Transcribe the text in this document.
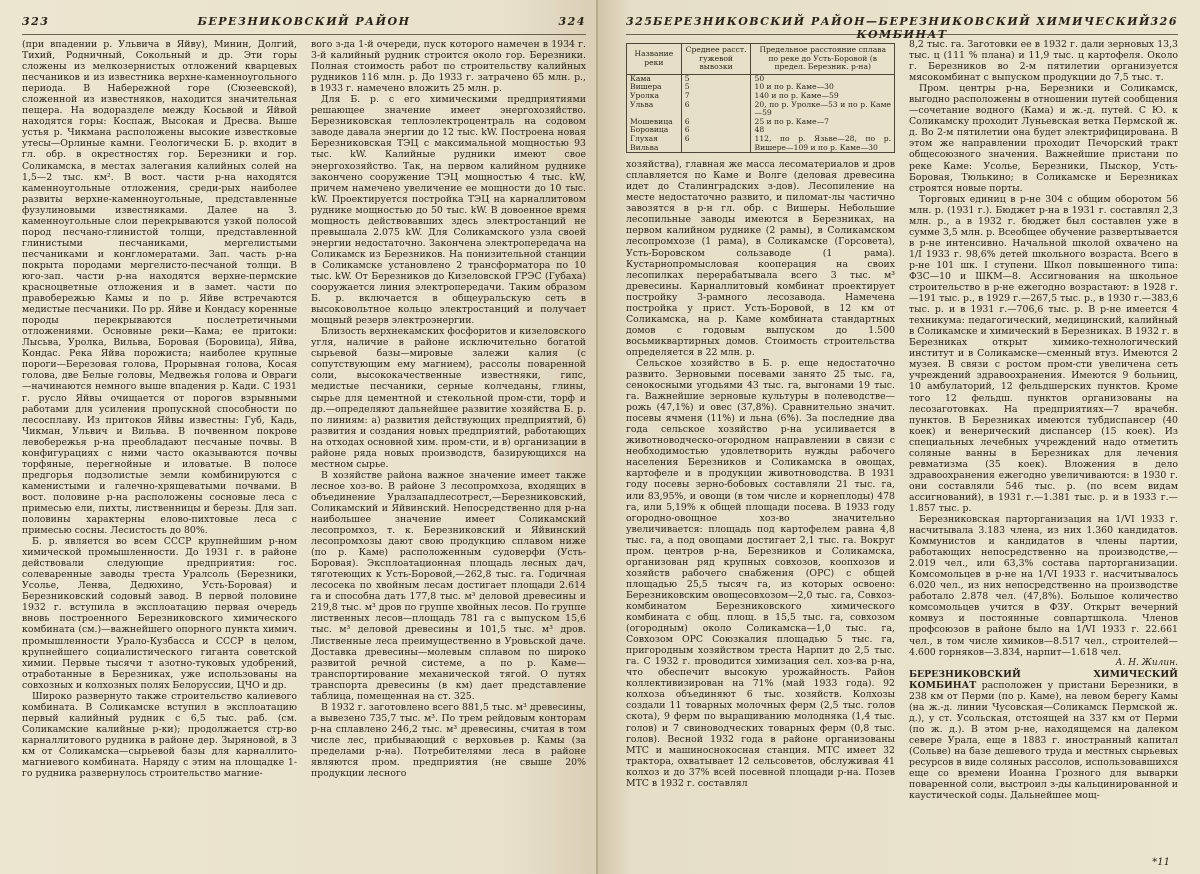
323	БЕРЕЗНИКОВСКИЙ РАЙОН	324

(при впадении р. Ульвича в Яйву), Минин, Долгий, Тихий, Родничный, Сокольный и др. Эти горы сложены из мелкозернистых отложений кварцевых песчаников и из известника верхне-каменноугольного периода. В Набережной горе (Сюзеевской), сложенной из известняков, находится значительная пещера. На водоразделе между Косьвой и Яйвой находятся горы: Коспаж, Высокая и Дресва. Выше устья р. Чикмана расположены высокие известковые утесы—Орлиные камни. Геологически Б. р. входит в гл. обр. в окрестностях гор. Березники и гор. Соликамска, в местах залегания калийных солей на 1,5—2 тыс. км². В вост. части р-на находятся каменноугольные отложения, среди-рых наиболее развиты верхне-каменноугольные, представленные фузулиновыми известняками. Далее на З. каменноугольные слои перекрываются узкой полосой пород песчано-глинистой толщи, представленной глинистыми песчаниками, мергелистыми песчаниками и конгломератами. Зап. часть р-на покрыта породами мергелисто-песчаной толщи. В юго-зап. части р-на находятся верхне-пермские красноцветные отложения и в замет. части по правобережью Камы и по р. Яйве встречаются медистые песчаники. По рр. Яйве и Кондасу коренные породы перекрываются послетретичными отложениями. Основные реки—Кама; ее притоки: Лысьва, Уролка, Вильва, Боровая (Боровица), Яйва, Кондас. Река Яйва порожиста; наиболее крупные пороги—Березовая голова, Прорывная голова, Косая голова, две Белые головы, Медвежья голова и Овраги—начинаются немного выше впадения р. Кади. С 1931 г. русло Яйвы очищается от порогов взрывными работами для усиления пропускной способности по лесосплаву. Из притоков Яйвы известны: Губ, Кадь, Чикман, Ульвич и Вильва. В почвенном покрове левобережья р-на преобладают песчаные почвы. В конфигурациях с ними часто оказываются почвы торфяные, перегнойные и иловатые. В полосе предгорья подзолистые земли комбинируются с каменистыми и галечно-хрящеватыми почвами. В вост. половине р-на расположены сосновые леса с примесью ели, пихты, лиственницы и березы. Для зап. половины характерны елово-пихтовые леса с примесью сосны. Лесистость до 80%.

Б. р. является во всем СССР крупнейшим р-ном химической промышленности. До 1931 г. в районе действовали следующие предприятия: гос. солеваренные заводы треста Уралсоль (Березники, Усолье, Ленва, Дедюхино, Усть-Боровая) и Березниковский содовый завод. В первой половине 1932 г. вступила в эксплоатацию первая очередь вновь построенного Березниковского химического комбината (см.)—важнейшего опорного пункта химич. промышленности Урало-Кузбасса и СССР в целом, крупнейшего социалистического гиганта советской химии. Первые тысячи т азотно-туковых удобрений, отработанные в Березниках, уже использованы на совхозных и колхозных полях Белоруссии, ЦЧО и др.

Широко развернуто также строительство калиевого комбината. В Соликамске вступил в эксплоатацию первый калийный рудник с 6,5 тыс. раб. (см. Соликамские калийные р-ки); продолжается стр-во карналлитового рудника в районе дер. Зыряновой, в 3 км от Соликамска—сырьевой базы для карналлито-магниевого комбината. Наряду с этим на площадке 1-го рудника развернулось строительство магние-

вого з-да 1-й очереди, пуск которого намечен в 1934 г. 3-й калийный рудник строится около гор. Березники. Полная стоимость работ по строительству калийных рудников 116 млн. р. До 1933 г. затрачено 65 млн. р., в 1933 г. намечено вложить 25 млн. р.

Для Б. р. с его химическими предприятиями решающее значение имеет энергохозяйство. Березниковская теплоэлектроцентраль на содовом заводе давала энергии до 12 тыс. kW. Построена новая Березниковская ТЭЦ с максимальной мощностью 93 тыс. kW. Калийные рудники имеют свое энергохозяйство. Так, на первом калийном руднике закончено сооружение ТЭЦ мощностью 4 тыс. kW, причем намечено увеличение ее мощности до 10 тыс. kW. Проектируется постройка ТЭЦ на карналлитовом руднике мощностью до 50 тыс. kW. В довоенное время мощность действовавших здесь электростанций не превышала 2.075 kW. Для Соликамского узла своей энергии недостаточно. Закончена электропередача на Соликамск из Березников. На понизительной станции в Соликамске установлено 2 трансформатора по 10 тыс. kW. От Березников до Кизеловской ГРЭС (Губаха) сооружается линия электропередачи. Таким образом Б. р. включается в общеуральскую сеть в высоковольтное кольцо электростанций и получает мощный резерв электроэнергии.

Близость верхнекамских фосфоритов и кизеловского угля, наличие в районе исключительно богатой сырьевой базы—мировые залежи калия (с сопутствующим ему магнием), рассолы поваренной соли, высококачественные известняки, гипс, медистые песчаники, серные колчеданы, глины, сырье для цементной и стекольной пром-сти, торф и др.—определяют дальнейшее развитие хозяйства Б. р. по линиям: а) развития действующих предприятий, б) развития и создания новых предприятий, работающих на отходах основной хим. пром-сти, и в) организации в районе ряда новых производств, базирующихся на местном сырье.

В хозяйстве района важное значение имеет также лесное хоз-во. В районе 3 лесопромхоза, входящих в объединение Уралзападлесотрест,—Березниковский, Соликамский и Яйвинский. Непосредственно для р-на наибольшее значение имеет Соликамский лесопромхоз, т. к. Березниковский и Яйвинский лесопромхозы дают свою продукцию сплавом ниже (по р. Каме) расположенным судоверфи (Усть-Боровая). Эксплоатационная площадь лесных дач, тяготеющих к Усть-Боровой,—262,8 тыс. га. Годичная лесосека по хвойным лесам достигает площади 2.614 га и способна дать 177,8 тыс. м³ деловой древесины и 219,8 тыс. м³ дров по группе хвойных лесов. По группе лиственных лесов—площадь 781 га с выпуском 15,6 тыс. м³ деловой древесины и 101,5 тыс. м³ дров. Лиственные леса преимущественно в Уровьской даче. Доставка древесины—молевым сплавом по широко развитой речной системе, а по р. Каме—транспортирование механической тягой. О путях транспорта древесины (в км) дает представление таблица, помещенная на ст. 325.

В 1932 г. заготовлено всего 881,5 тыс. м³ древесины, а вывезено 735,7 тыс. м³. По трем рейдовым конторам р-на сплавлено 246,2 тыс. м³ древесины, считая в том числе лес, прибывающий с верховьев р. Камы (за пределами р-на). Потребителями леса в районе являются пром. предприятия (не свыше 20% продукции лесного

325 БЕРЕЗНИКОВСКИЙ РАЙОН—БЕРЕЗНИКОВСКИЙ ХИМИЧЕСКИЙ КОМБИНАТ
326
Название реки	Среднее расст. гужевой вывозки	Предельное расстояние сплава по реке до Усть-Боровой (в предел. Березник. р-на)
Кама	5	50
Вишера	5	10 и по р. Каме—30
Уролка	7	140 и по р. Каме—59
Ульва	6	20, по р. Уролке—53 и по р. Каме—59
Мошевица	6	25 и по р. Каме—7
Боровица	6	48
Глухая Вильва	6	112, по р. Язьве—28, по р. Вишере—109 и по р. Каме—30

хозяйства), главная же масса лесоматериалов и дров сплавляется по Каме и Волге (деловая древесина идет до Сталинградских з-дов). Лесопиление на месте недостаточно развито, и пиломат-лы частично завозятся в р-н гл. обр. с Вишеры. Небольшие лесопильные заводы имеются в Березниках, на первом калийном руднике (2 рамы), в Соликамском лесопромхозе (1 рама), в Соликамске (Горсовета), Усть-Боровском сользаводе (1 рама). Кустарнопромысловая кооперация на своих лесопилках перерабатывала всего 3 тыс. м³ древесины. Карналлитовый комбинат проектирует постройку 3-рамного лесозавода. Намечена постройка у прист. Усть-Боровой, в 12 км от Соликамска, на р. Каме комбината стандартных домов с годовым выпуском до 1.500 восьмиквартирных домов. Стоимость строительства определяется в 22 млн. р.

Сельское хозяйство в Б. р. еще недостаточно развито. Зерновыми посевами занято 25 тыс. га, сенокосными угодьями 43 тыс. га, выгонами 19 тыс. га. Важнейшие зерновые культуры в полеводстве—рожь (47,1%) и овес (37,8%). Сравнительно значит. посевы ячменя (11%) и льна (6%). За последние два года сельское хозяйство р-на усиливается в животноводческо-огородном направлении в связи с необходимостью удовлетворить нужды рабочего населения Березников и Соликамска в овощах, картофеле и в продукции животноводства. В 1931 году посевы зерно-бобовых составляли 21 тыс. га, или 83,95%, и овощи (в том числе и корнеплоды) 478 га, или 5,19% к общей площади посева. В 1933 году огородно-овощное хоз-во значительно увеличивается: площадь под картофелем равна 4,8 тыс. га, а под овощами достигает 2,1 тыс. га. Вокруг пром. центров р-на, Березников и Соликамска, организован ряд крупных совхозов, коопхозов и хозяйств рабочего снабжения (ОРС) с общей площадью 25,5 тысяч га, из которых освоено: Березниковским овощесовхозом—2,0 тыс. га, Совхоз-комбинатом Березниковского химического комбината с общ. площ. в 15,5 тыс. га, совхозом (огородным) около Соликамска—1,0 тыс. га, Совхозом ОРС Союзкалия площадью 5 тыс. га, пригородным хозяйством треста Нарпит до 2,5 тыс. га. С 1932 г. проводится химизация сел. хоз-ва р-на, что обеспечит высокую урожайность. Район коллективизирован на 71% (май 1933 года). 92 колхоза объединяют 6 тыс. хозяйств. Колхозы создали 11 товарных молочных ферм (2,5 тыс. голов скота), 9 ферм по выращиванию молодняка (1,4 тыс. голов) и 7 свиноводческих товарных ферм (0,8 тыс. голов). Весной 1932 года в районе организованы МТС и машиноснокосная станция. МТС имеет 32 трактора, охватывает 12 сельсоветов, обслуживая 41 колхоз и до 37% всей посевной площади р-на. Позев МТС в 1932 г. составлял

8,2 тыс. га. Заготовки ее в 1932 г. дали зерновых 13,3 тыс. ц (111 % плана) и 11,9 тыс. ц картофеля. Около г. Березников во 2-м пятилетии организуется мясокомбинат с выпуском продукции до 7,5 тыс. т.

Пром. центры р-на, Березники и Соликамск, выгодно расположены в отношении путей сообщения—сочетание водного (Кама) и ж.-д. путей. С Ю. к Соликамску проходит Луньевская ветка Пермской ж. д. Во 2-м пятилетии она будет электрифицирована. В этом же направлении проходит Печорский тракт общесоюзного значения. Важнейшие пристани по реке Каме: Усолье, Березники, Пыскор, Усть-Боровая, Тюлькино; в Соликамске и Березниках строятся новые порты.

Торговых единиц в р-не 304 с общим оборотом 56 млн. р. (1931 г.). Бюджет р-на в 1931 г. составлял 2,3 млн. р., а в 1932 г. бюджет был составлен уже в сумме 3,5 млн. р. Всеобщее обучение развертывается в р-не интенсивно. Начальной школой охвачено на 1/I 1933 г. 98,6% детей школьного возраста. Всего в р-не 101 шк. I ступени. Школ повышенного типа: ФЗС—10 и ШКМ—8. Ассигнования на школьное строительство в р-не ежегодно возрастают: в 1928 г.—191 тыс. р., в 1929 г.—267,5 тыс. р., в 1930 г.—383,6 тыс. р. и в 1931 г.—706,6 тыс. р. В р-не имеется 4 техникума: педагогический, медицинский, калийный в Соликамске и химический в Березниках. В 1932 г. в Березниках открыт химико-технологический институт и в Соликамске—сменный втуз. Имеются 2 музея. В связи с ростом пром-сти увеличена сеть учреждений здравоохранения. Имеются 9 больниц, 10 амбулаторий, 12 фельдшерских пунктов. Кроме того 12 фельдш. пунктов организованы на лесозаготовках. На предприятиях—7 врачебн. пунктов. В Березниках имеются тубдиспансер (40 коек) и венерический диспансер (15 коек). Из специальных лечебных учреждений надо отметить соляные ванны в Березниках для лечения ревматизма (35 коек). Вложения в дело здравоохранения ежегодно увеличиваются: в 1930 г. они составляли 546 тыс. р. (по всем видам ассигнований), в 1931 г.—1.381 тыс. р. и в 1933 г.—1.857 тыс. р.

Березниковская парторганизация на 1/VI 1933 г. насчитывала 3.183 члена, из них 1.360 кандидатов. Коммунистов и кандидатов в члены партии, работающих непосредственно на производстве,—2.019 чел., или 63,3% состава парторганизации. Комсомольцев в р-не на 1/VI 1933 г. насчитывалось 6.020 чел., из них непосредственно на производстве работало 2.878 чел. (47,8%). Большое количество комсомольцев учится в ФЗУ. Открыт вечерний комвуз и постоянные совпартшкола. Членов профсоюзов в районе было на 1/VI 1933 г. 22.661 чел., в том числе химиков—8.517 чел., строителей—4.600 горняков—3.834, нарпит—1.618 чел.

А. Н. Жилин.

БЕРЕЗНИКОВСКИЙ ХИМИЧЕСКИЙ КОМБИНАТ расположен у пристани Березники, в 238 км от Перми (по р. Каме), на левом берегу Камы (на ж.-д. линии Чусовская—Соликамск Пермской ж. д.), у ст. Усольская, отстоящей на 337 км от Перми (по ж. д.). В этом р-не, находящемся на далеком севере Урала, еще в 1883 г. иностранный капитал (Сольве) на базе дешевого труда и местных сырьевых ресурсов в виде соляных рассолов, использовавшихся еще со времени Иоанна Грозного для выварки поваренной соли, выстроил з-ды кальцинированной и каустической соды. Дальнейшее мощ-

*11
